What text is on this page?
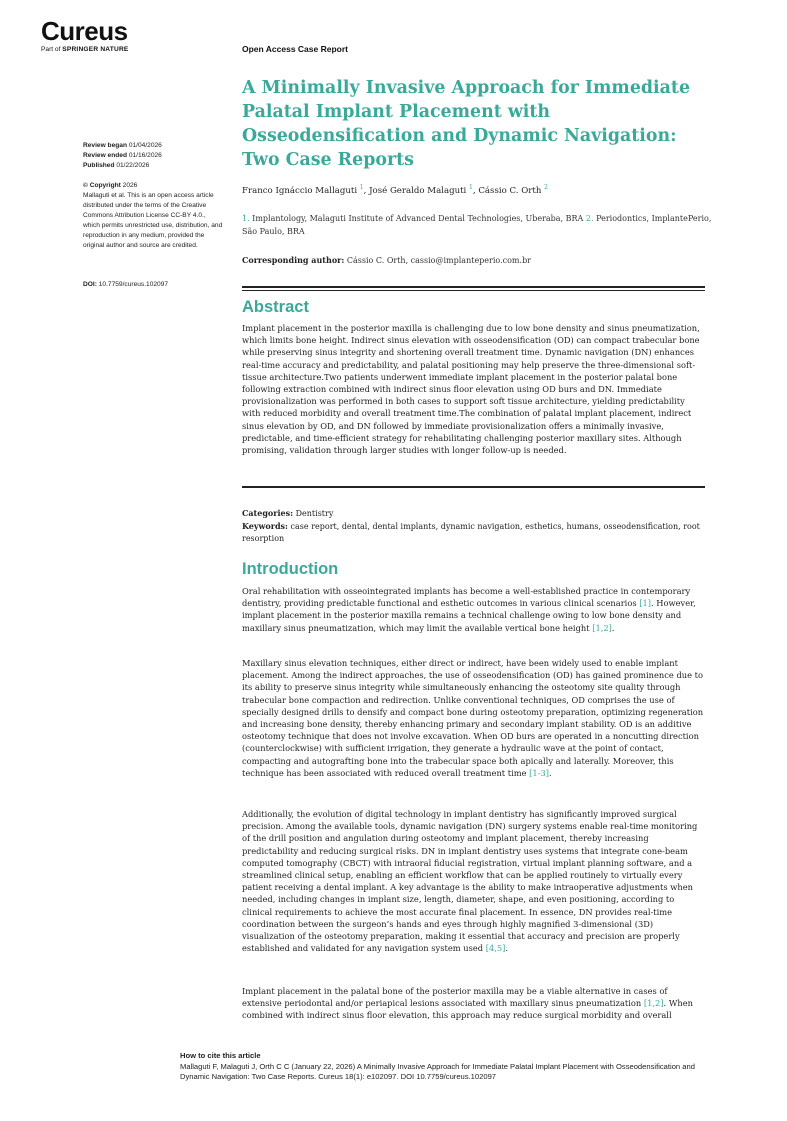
Cureus
Part of SPRINGER NATURE	Open Access Case Report
A Minimally Invasive Approach for Immediate Palatal Implant Placement with Osseodensification and Dynamic Navigation: Two Case Reports
Franco Ignáccio Mallaguti $^1$, José Geraldo Malaguti $^1$, Cássio C. Orth $^2$
1. Implantology, Malaguti Institute of Advanced Dental Technologies, Uberaba, BRA 2. Periodontics, ImplantePerio, São Paulo, BRA
Corresponding author: Cássio C. Orth, cassio@implanteperio.com.br
Review began 01/04/2026
Review ended 01/16/2026
Published 01/22/2026
© Copyright 2026
Mallaguti et al. This is an open access article distributed under the terms of the Creative Commons Attribution License CC-BY 4.0., which permits unrestricted use, distribution, and reproduction in any medium, provided the original author and source are credited.
DOI: 10.7759/cureus.102097
Abstract

Implant placement in the posterior maxilla is challenging due to low bone density and sinus pneumatization, which limits bone height. Indirect sinus elevation with osseodensification (OD) can compact trabecular bone while preserving sinus integrity and shortening overall treatment time. Dynamic navigation (DN) enhances real-time accuracy and predictability, and palatal positioning may help preserve the three-dimensional soft-tissue architecture.Two patients underwent immediate implant placement in the posterior palatal bone following extraction combined with indirect sinus floor elevation using OD burs and DN. Immediate provisionalization was performed in both cases to support soft tissue architecture, yielding predictability with reduced morbidity and overall treatment time.The combination of palatal implant placement, indirect sinus elevation by OD, and DN followed by immediate provisionalization offers a minimally invasive, predictable, and time-efficient strategy for rehabilitating challenging posterior maxillary sites. Although promising, validation through larger studies with longer follow-up is needed.

Categories: Dentistry
Keywords: case report, dental, dental implants, dynamic navigation, esthetics, humans, osseodensification, root resorption
Introduction

Oral rehabilitation with osseointegrated implants has become a well-established practice in contemporary dentistry, providing predictable functional and esthetic outcomes in various clinical scenarios [1]. However, implant placement in the posterior maxilla remains a technical challenge owing to low bone density and maxillary sinus pneumatization, which may limit the available vertical bone height [1,2].

Maxillary sinus elevation techniques, either direct or indirect, have been widely used to enable implant placement. Among the indirect approaches, the use of osseodensification (OD) has gained prominence due to its ability to preserve sinus integrity while simultaneously enhancing the osteotomy site quality through trabecular bone compaction and redirection. Unlike conventional techniques, OD comprises the use of specially designed drills to densify and compact bone during osteotomy preparation, optimizing regeneration and increasing bone density, thereby enhancing primary and secondary implant stability. OD is an additive osteotomy technique that does not involve excavation. When OD burs are operated in a noncutting direction (counterclockwise) with sufficient irrigation, they generate a hydraulic wave at the point of contact, compacting and autografting bone into the trabecular space both apically and laterally. Moreover, this technique has been associated with reduced overall treatment time [1-3].

Additionally, the evolution of digital technology in implant dentistry has significantly improved surgical precision. Among the available tools, dynamic navigation (DN) surgery systems enable real-time monitoring of the drill position and angulation during osteotomy and implant placement, thereby increasing predictability and reducing surgical risks. DN in implant dentistry uses systems that integrate cone-beam computed tomography (CBCT) with intraoral fiducial registration, virtual implant planning software, and a streamlined clinical setup, enabling an efficient workflow that can be applied routinely to virtually every patient receiving a dental implant. A key advantage is the ability to make intraoperative adjustments when needed, including changes in implant size, length, diameter, shape, and even positioning, according to clinical requirements to achieve the most accurate final placement. In essence, DN provides real-time coordination between the surgeon’s hands and eyes through highly magnified 3-dimensional (3D) visualization of the osteotomy preparation, making it essential that accuracy and precision are properly established and validated for any navigation system used [4,5].

Implant placement in the palatal bone of the posterior maxilla may be a viable alternative in cases of extensive periodontal and/or periapical lesions associated with maxillary sinus pneumatization [1,2]. When combined with indirect sinus floor elevation, this approach may reduce surgical morbidity and overall

How to cite this article
Mallaguti F, Malaguti J, Orth C C (January 22, 2026) A Minimally Invasive Approach for Immediate Palatal Implant Placement with Osseodensification and Dynamic Navigation: Two Case Reports. Cureus 18(1): e102097. DOI 10.7759/cureus.102097
